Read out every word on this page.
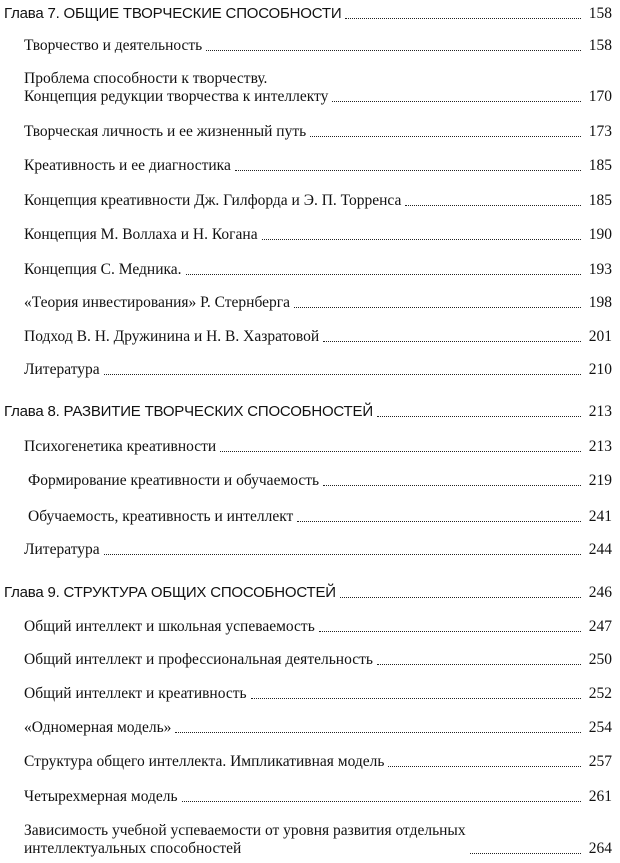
Глава 7. ОБЩИЕ ТВОРЧЕСКИЕ СПОСОБНОСТИ	158
Творчество и деятельность	158
Проблема способности к творчеству.
Концепция редукции творчества к интеллекту	170
Творческая личность и ее жизненный путь	173
Креативность и ее диагностика	185
Концепция креативности Дж. Гилфорда и Э. П. Торренса	185
Концепция М. Воллаха и Н. Когана	190
Концепция С. Медника.	193
«Теория инвестирования» Р. Стернберга	198
Подход В. Н. Дружинина и Н. В. Хазратовой	201
Литература	210
Глава 8. РАЗВИТИЕ ТВОРЧЕСКИХ СПОСОБНОСТЕЙ	213
Психогенетика креативности	213
Формирование креативности и обучаемость	219
Обучаемость, креативность и интеллект	241
Литература	244
Глава 9. СТРУКТУРА ОБЩИХ СПОСОБНОСТЕЙ	246
Общий интеллект и школьная успеваемость	247
Общий интеллект и профессиональная деятельность	250
Общий интеллект и креативность	252
«Одномерная модель»	254
Структура общего интеллекта. Импликативная модель	257
Четырехмерная модель	261
Зависимость учебной успеваемости от уровня развития отдельных
интеллектуальных способностей	264
